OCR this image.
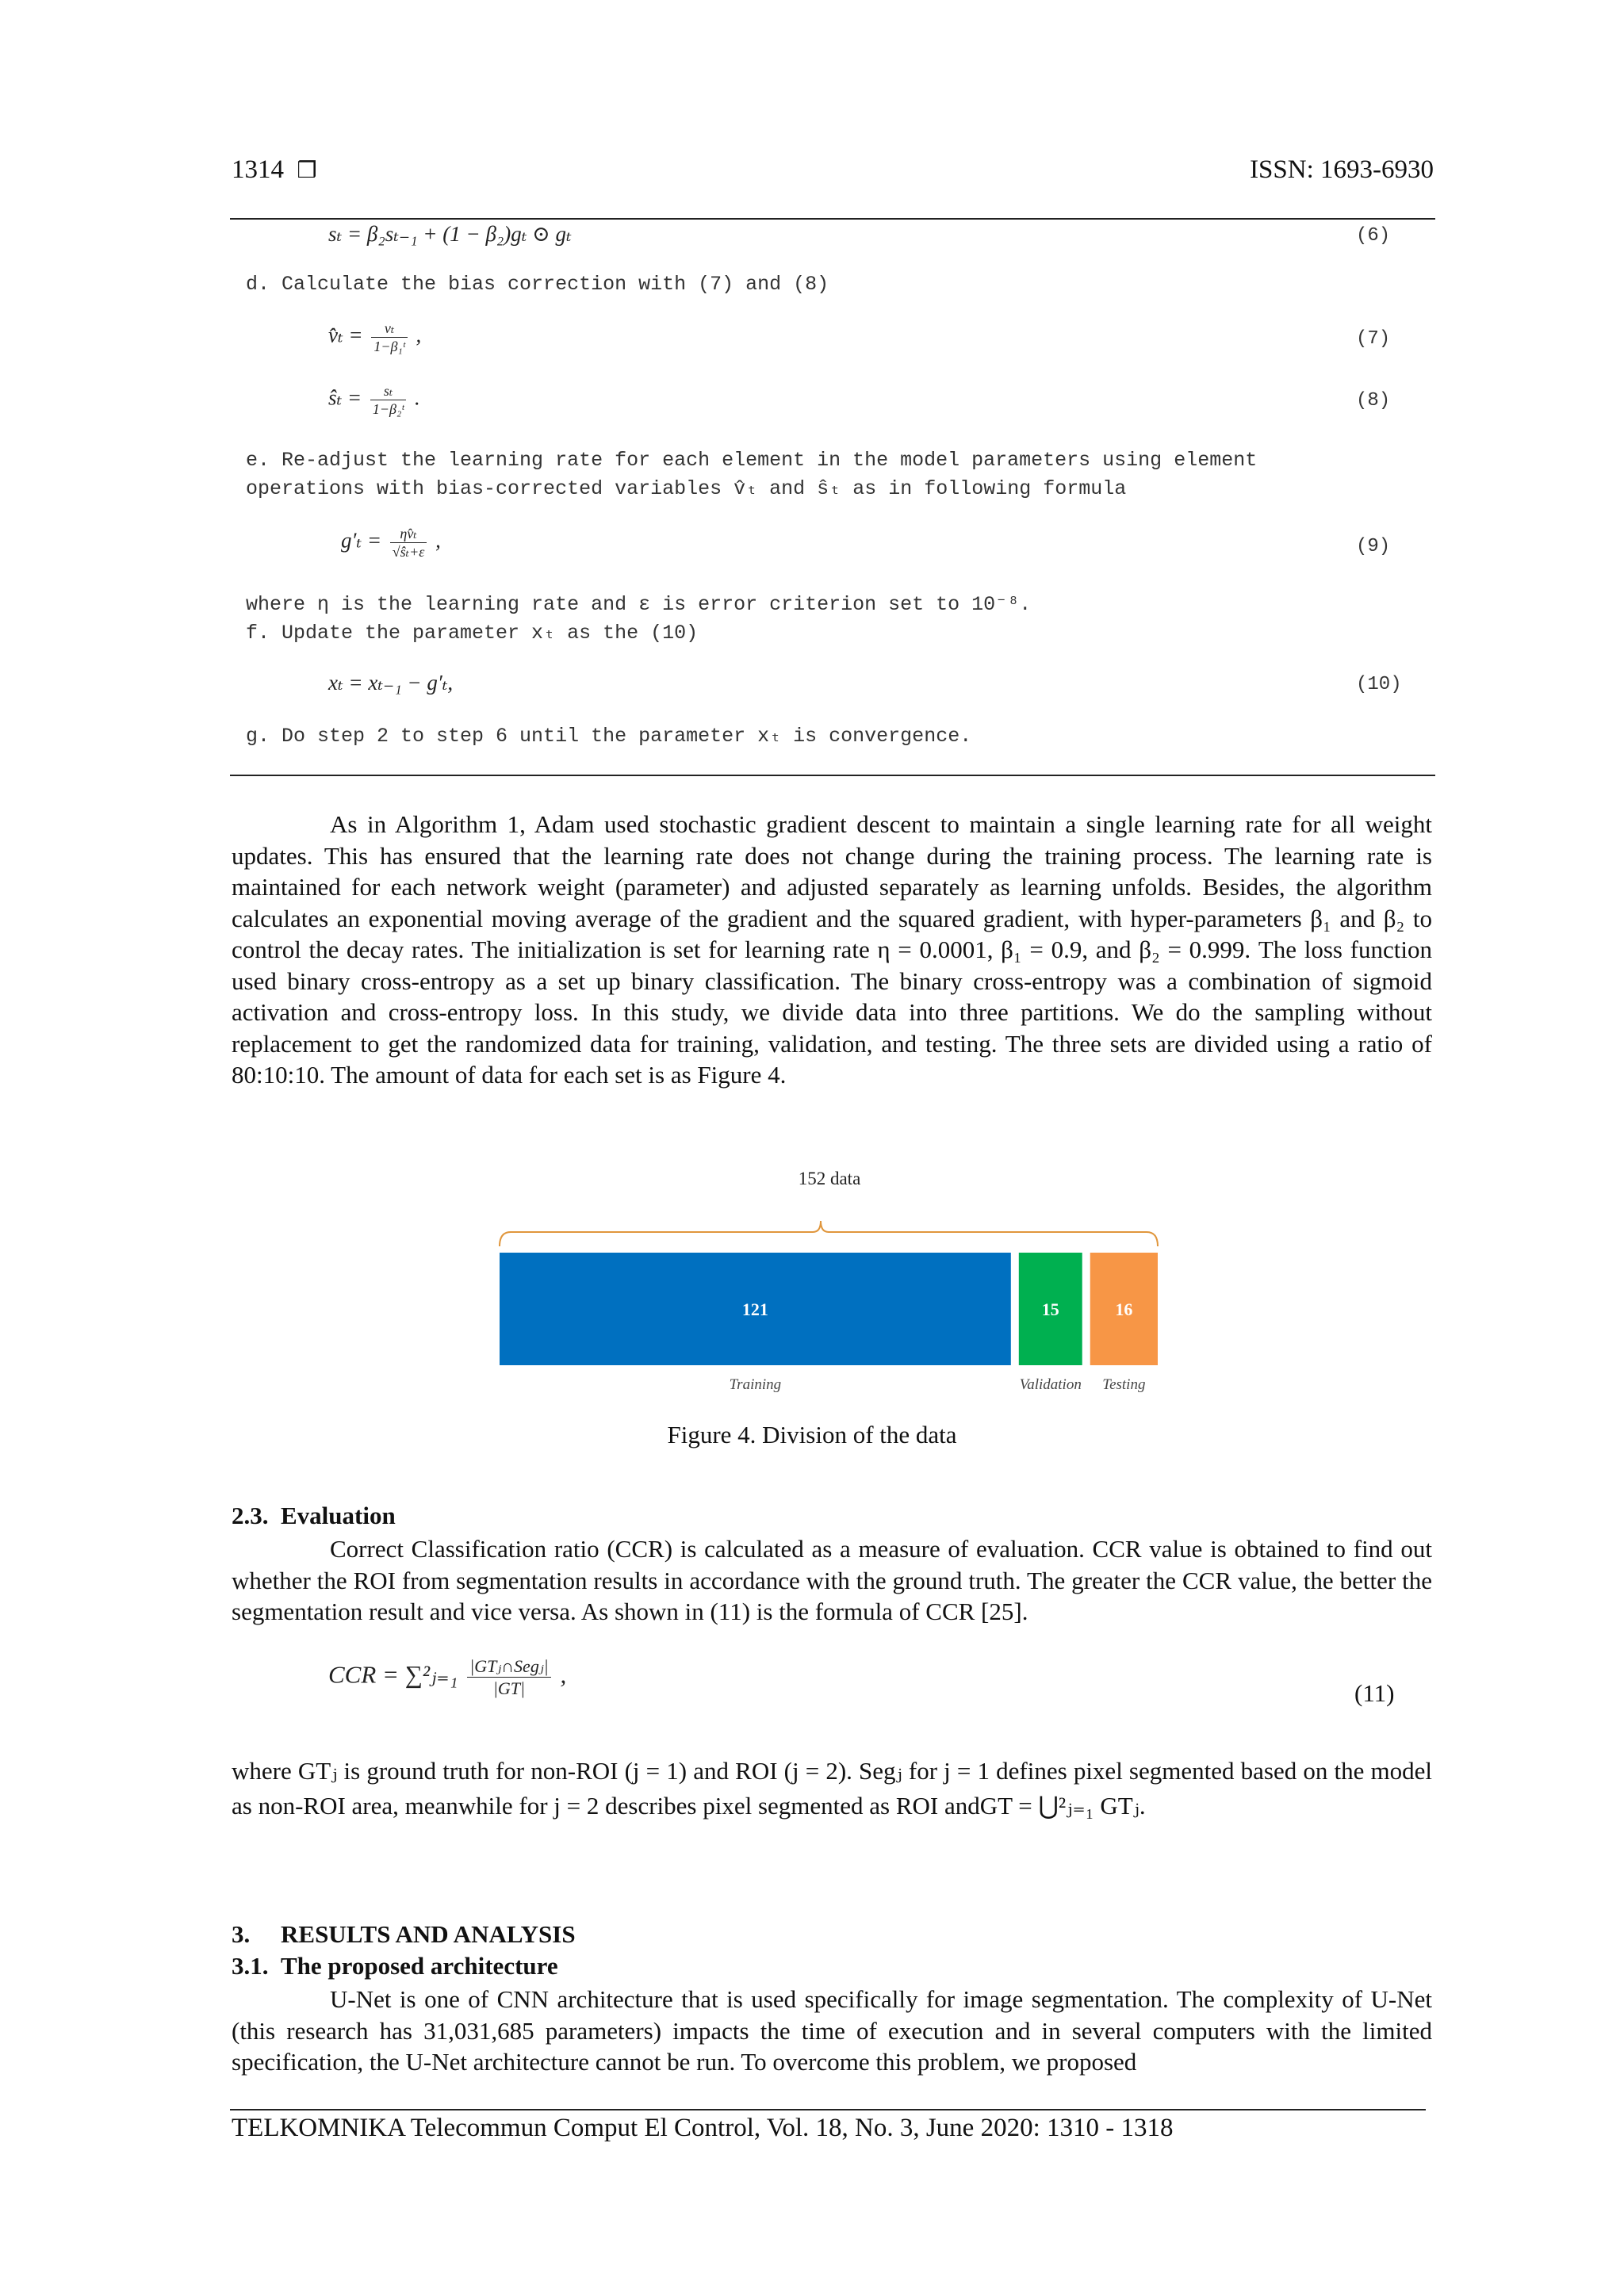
1314 ❒	ISSN: 1693-6930
sₜ = β₂sₜ₋₁ + (1 − β₂)gₜ ⊙ gₜ	(6)
d. Calculate the bias correction with (7) and (8)
v̂ₜ = $\frac{\text{vₜ}}{\text{1−β₁ᵗ}}$ ,	(7)
ŝₜ = $\frac{\text{sₜ}}{\text{1−β₂ᵗ}}$ .	(8)
e. Re-adjust the learning rate for each element in the model parameters using element
operations with bias-corrected variables v̂ₜ and ŝₜ as in following formula
$g'_t = \frac{\text{ηv̂ₜ}}{\text{√ŝₜ+ε}}$ ,	(9)
where η is the learning rate and ε is error criterion set to 10⁻⁸.
f. Update the parameter xₜ as the (10)
xₜ = xₜ₋₁ − g′ₜ,	(10)
g. Do step 2 to step 6 until the parameter xₜ is convergence.
As in Algorithm 1, Adam used stochastic gradient descent to maintain a single learning rate for all weight updates. This has ensured that the learning rate does not change during the training process. The learning rate is maintained for each network weight (parameter) and adjusted separately as learning unfolds. Besides, the algorithm calculates an exponential moving average of the gradient and the squared gradient, with hyper-parameters β₁ and β₂ to control the decay rates. The initialization is set for learning rate η = 0.0001, β₁ = 0.9, and β₂ = 0.999. The loss function used binary cross-entropy as a set up binary classification. The binary cross-entropy was a combination of sigmoid activation and cross-entropy loss. In this study, we divide data into three partitions. We do the sampling without replacement to get the randomized data for training, validation, and testing. The three sets are divided using a ratio of 80:10:10. The amount of data for each set is as Figure 4.
152 data
121
Training
15
Validation
16
Testing
Figure 4. Division of the data
2.3. Evaluation
Correct Classification ratio (CCR) is calculated as a measure of evaluation. CCR value is obtained to find out whether the ROI from segmentation results in accordance with the ground truth. The greater the CCR value, the better the segmentation result and vice versa. As shown in (11) is the formula of CCR [25].
CCR = ∑²ⱼ₌₁ $\frac{\text{|GTⱼ∩Segⱼ|}}{|GT|}$ ,
(11)
where GTⱼ is ground truth for non-ROI (j = 1) and ROI (j = 2). Segⱼ for j = 1 defines pixel segmented based on the model as non-ROI area, meanwhile for j = 2 describes pixel segmented as ROI andGT = ⋃²ⱼ₌₁ GTⱼ.
3.     RESULTS AND ANALYSIS
3.1. The proposed architecture
U-Net is one of CNN architecture that is used specifically for image segmentation. The complexity of U-Net (this research has 31,031,685 parameters) impacts the time of execution and in several computers with the limited specification, the U-Net architecture cannot be run. To overcome this problem, we proposed
TELKOMNIKA Telecommun Comput El Control, Vol. 18, No. 3, June 2020: 1310 - 1318
